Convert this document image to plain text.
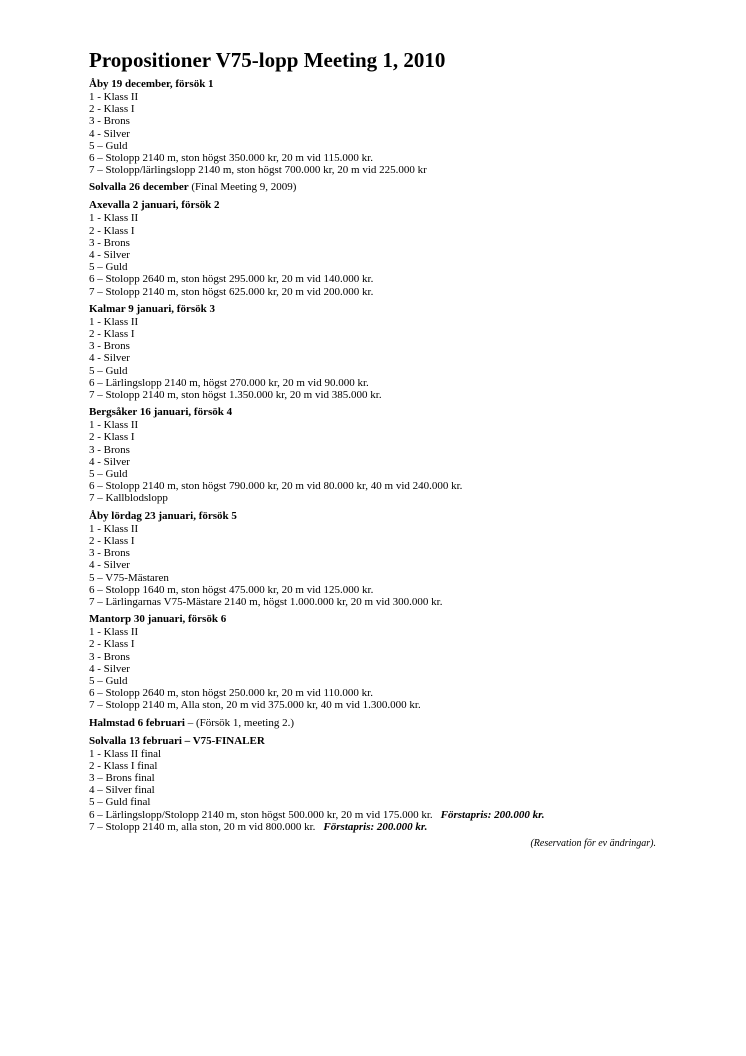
Propositioner V75-lopp Meeting 1, 2010
Åby 19 december, försök 1
1 - Klass II
2 - Klass I
3 - Brons
4 - Silver
5 – Guld
6 – Stolopp 2140 m, ston högst 350.000 kr, 20 m vid 115.000 kr.
7 – Stolopp/lärlingslopp 2140 m, ston högst 700.000 kr, 20 m vid 225.000 kr
Solvalla 26 december (Final Meeting 9, 2009)
Axevalla 2 januari, försök 2
1 - Klass II
2 - Klass I
3 - Brons
4 - Silver
5 – Guld
6 – Stolopp 2640 m, ston högst 295.000 kr, 20 m vid 140.000 kr.
7 – Stolopp 2140 m, ston högst 625.000 kr, 20 m vid 200.000 kr.
Kalmar 9 januari, försök 3
1 - Klass II
2 - Klass I
3 - Brons
4 - Silver
5 – Guld
6 – Lärlingslopp 2140 m, högst 270.000 kr, 20 m vid 90.000 kr.
7 – Stolopp 2140 m, ston högst 1.350.000 kr, 20 m vid 385.000 kr.
Bergsåker 16 januari, försök 4
1 - Klass II
2 - Klass I
3 - Brons
4 - Silver
5 – Guld
6 – Stolopp 2140 m, ston högst 790.000 kr, 20 m vid 80.000 kr, 40 m vid 240.000 kr.
7 – Kallblodslopp
Åby lördag 23 januari, försök 5
1 - Klass II
2 - Klass I
3 - Brons
4 - Silver
5 – V75-Mästaren
6 – Stolopp 1640 m, ston högst 475.000 kr, 20 m vid 125.000 kr.
7 – Lärlingarnas V75-Mästare 2140 m, högst 1.000.000 kr, 20 m vid 300.000 kr.
Mantorp 30 januari, försök 6
1 - Klass II
2 - Klass I
3 - Brons
4 - Silver
5 – Guld
6 – Stolopp 2640 m, ston högst 250.000 kr, 20 m vid 110.000 kr.
7 – Stolopp 2140 m, Alla ston, 20 m vid 375.000 kr, 40 m vid 1.300.000 kr.
Halmstad 6 februari – (Försök 1, meeting 2.)
Solvalla 13 februari – V75-FINALER
1 - Klass II final
2 - Klass I final
3 – Brons final
4 – Silver final
5 – Guld final
6 – Lärlingslopp/Stolopp 2140 m, ston högst 500.000 kr, 20 m vid 175.000 kr. Förstapris: 200.000 kr.
7 – Stolopp 2140 m, alla ston, 20 m vid 800.000 kr. Förstapris: 200.000 kr.
(Reservation för ev ändringar).
